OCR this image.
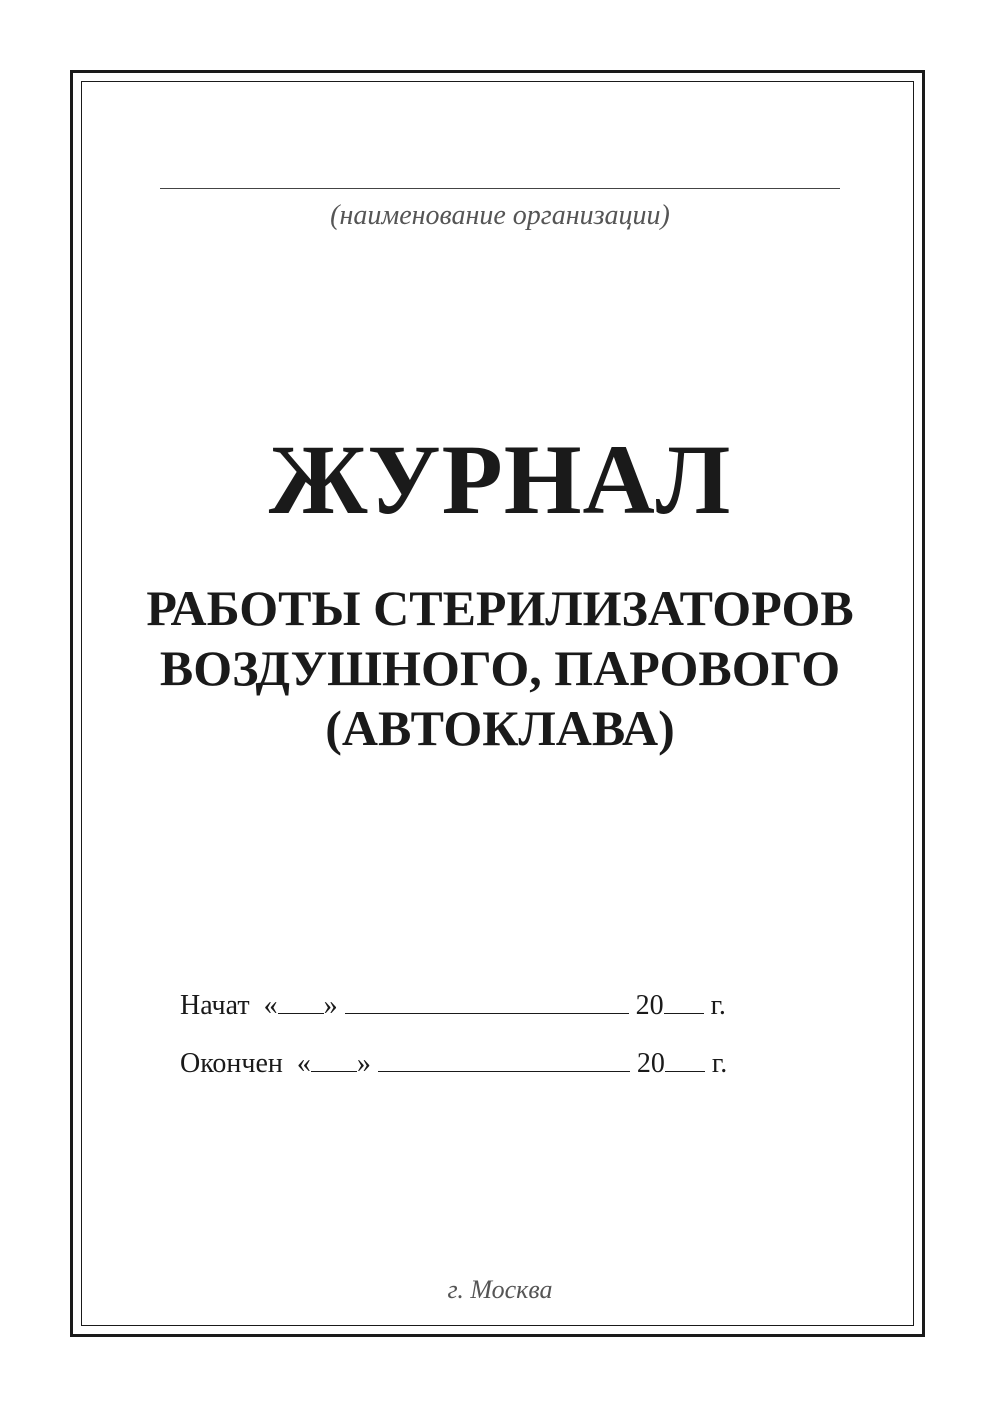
(наименование организации)
ЖУРНАЛ
РАБОТЫ СТЕРИЛИЗАТОРОВ
ВОЗДУШНОГО, ПАРОВОГО
(АВТОКЛАВА)
Начат « »	20 г.
Окончен « »	20 г.
г. Москва
